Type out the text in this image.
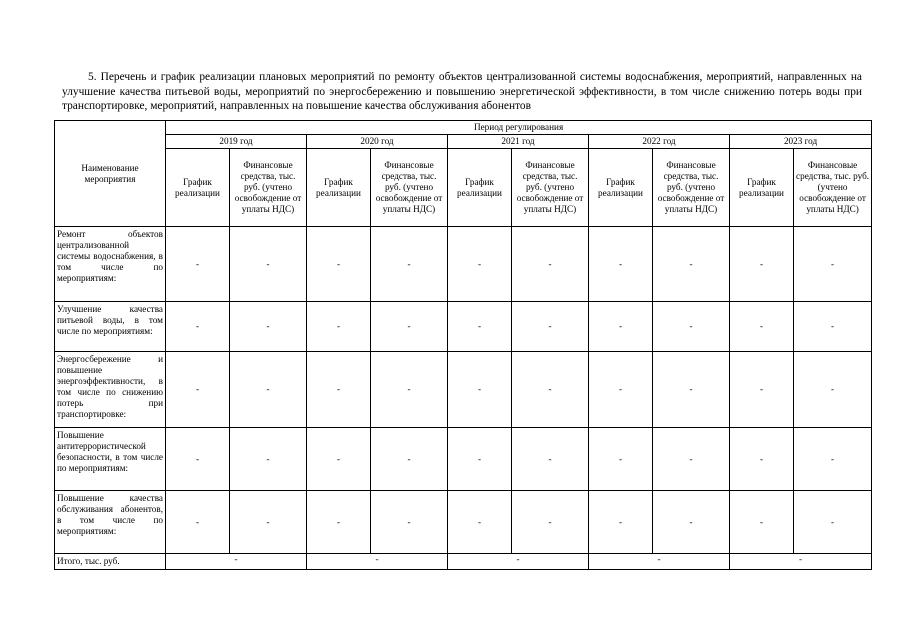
5. Перечень и график реализации плановых мероприятий по ремонту объектов централизованной системы водоснабжения, мероприятий, направленных на улучшение качества питьевой воды, мероприятий по энергосбережению и повышению энергетической эффективности, в том числе снижению потерь воды при транспортировке, мероприятий, направленных на повышение качества обслуживания абонентов
Наименование мероприятия	Период регулирования									
	2019 год		2020 год		2021 год		2022 год		2023 год	
	График реализации	Финансовые средства, тыс. руб. (учтено освобождение от уплаты НДС)	График реализации	Финансовые средства, тыс. руб. (учтено освобождение от уплаты НДС)	График реализации	Финансовые средства, тыс. руб. (учтено освобождение от уплаты НДС)	График реализации	Финансовые средства, тыс. руб. (учтено освобождение от уплаты НДС)	График реализации	Финансовые средства, тыс. руб. (учтено освобождение от уплаты НДС)
Ремонт объектов централизованной системы водоснабжения, в том числе по мероприятиям:	-	-	-	-	-	-	-	-	-	-
Улучшение качества питьевой воды, в том числе по мероприятиям:	-	-	-	-	-	-	-	-	-	-
Энергосбережение и повышение энергоэффективности, в том числе по снижению потерь при транспортировке:	-	-	-	-	-	-	-	-	-	-
Повышение антитеррористической безопасности, в том числе по мероприятиям:	-	-	-	-	-	-	-	-	-	-
Повышение качества обслуживания абонентов, в том числе по мероприятиям:	-	-	-	-	-	-	-	-	-	-
Итого, тыс. руб.	-		-		-		-		-	
